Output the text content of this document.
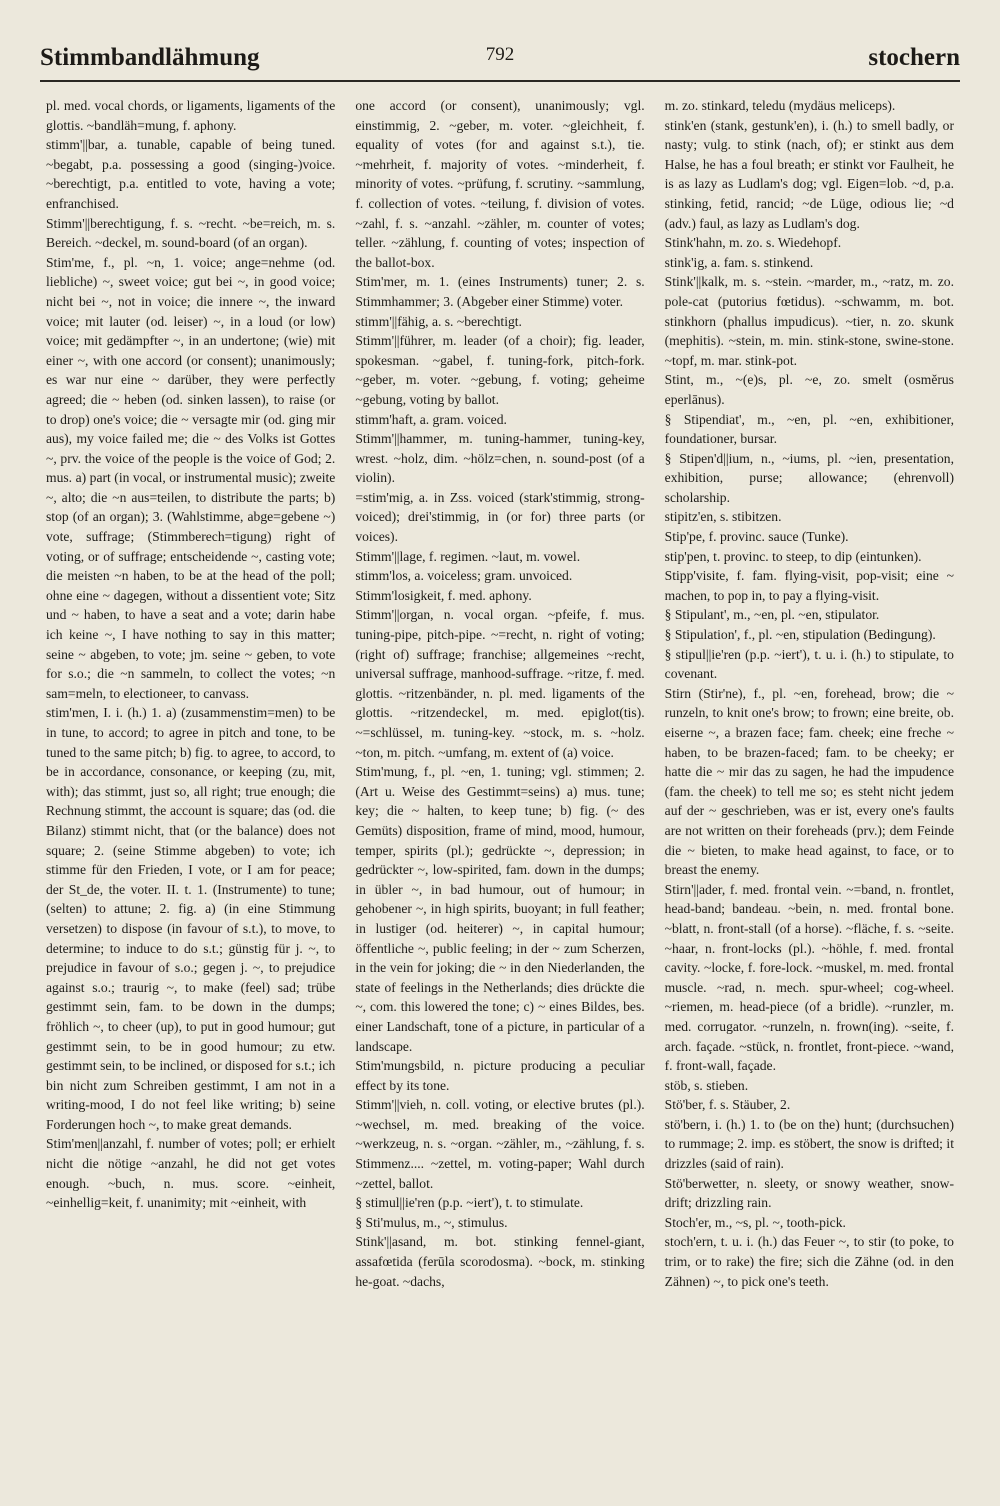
Stimmbandlähmung	792	stochern

pl. med. vocal chords, or ligaments, ligaments of the glottis. ~bandläh=mung, f. aphony.

stimm'||bar, a. tunable, capable of being tuned. ~begabt, p.a. possessing a good (singing-)voice. ~berechtigt, p.a. entitled to vote, having a vote; enfranchised.

Stimm'||berechtigung, f. s. ~recht. ~be=reich, m. s. Bereich. ~deckel, m. sound-board (of an organ).

Stim'me, f., pl. ~n, 1. voice; ange=nehme (od. liebliche) ~, sweet voice; gut bei ~, in good voice; nicht bei ~, not in voice; die innere ~, the inward voice; mit lauter (od. leiser) ~, in a loud (or low) voice; mit gedämpfter ~, in an undertone; (wie) mit einer ~, with one accord (or consent); unanimously; es war nur eine ~ darüber, they were perfectly agreed; die ~ heben (od. sinken lassen), to raise (or to drop) one's voice; die ~ versagte mir (od. ging mir aus), my voice failed me; die ~ des Volks ist Gottes ~, prv. the voice of the people is the voice of God; 2. mus. a) part (in vocal, or instrumental music); zweite ~, alto; die ~n aus=teilen, to distribute the parts; b) stop (of an organ); 3. (Wahlstimme, abge=gebene ~) vote, suffrage; (Stimmberech=tigung) right of voting, or of suffrage; entscheidende ~, casting vote; die meisten ~n haben, to be at the head of the poll; ohne eine ~ dagegen, without a dissentient vote; Sitz und ~ haben, to have a seat and a vote; darin habe ich keine ~, I have nothing to say in this matter; seine ~ abgeben, to vote; jm. seine ~ geben, to vote for s.o.; die ~n sammeln, to collect the votes; ~n sam=meln, to electioneer, to canvass.

stim'men, I. i. (h.) 1. a) (zusammenstim=men) to be in tune, to accord; to agree in pitch and tone, to be tuned to the same pitch; b) fig. to agree, to accord, to be in accordance, consonance, or keeping (zu, mit, with); das stimmt, just so, all right; true enough; die Rechnung stimmt, the account is square; das (od. die Bilanz) stimmt nicht, that (or the balance) does not square; 2. (seine Stimme abgeben) to vote; ich stimme für den Frieden, I vote, or I am for peace; der St_de, the voter. II. t. 1. (Instrumente) to tune; (selten) to attune; 2. fig. a) (in eine Stimmung versetzen) to dispose (in favour of s.t.), to move, to determine; to induce to do s.t.; günstig für j. ~, to prejudice in favour of s.o.; gegen j. ~, to prejudice against s.o.; traurig ~, to make (feel) sad; trübe gestimmt sein, fam. to be down in the dumps; fröhlich ~, to cheer (up), to put in good humour; gut gestimmt sein, to be in good humour; zu etw. gestimmt sein, to be inclined, or disposed for s.t.; ich bin nicht zum Schreiben gestimmt, I am not in a writing-mood, I do not feel like writing; b) seine Forderungen hoch ~, to make great demands.

Stim'men||anzahl, f. number of votes; poll; er erhielt nicht die nötige ~anzahl, he did not get votes enough. ~buch, n. mus. score. ~einheit, ~einhellig=keit, f. unanimity; mit ~einheit, with

one accord (or consent), unanimously; vgl. einstimmig, 2. ~geber, m. voter. ~gleichheit, f. equality of votes (for and against s.t.), tie. ~mehrheit, f. majority of votes. ~minderheit, f. minority of votes. ~prüfung, f. scrutiny. ~sammlung, f. collection of votes. ~teilung, f. division of votes. ~zahl, f. s. ~anzahl. ~zähler, m. counter of votes; teller. ~zählung, f. counting of votes; inspection of the ballot-box.

Stim'mer, m. 1. (eines Instruments) tuner; 2. s. Stimmhammer; 3. (Abgeber einer Stimme) voter.

stimm'||fähig, a. s. ~berechtigt.

Stimm'||führer, m. leader (of a choir); fig. leader, spokesman. ~gabel, f. tuning-fork, pitch-fork. ~geber, m. voter. ~gebung, f. voting; geheime ~gebung, voting by ballot.

stimm'haft, a. gram. voiced.

Stimm'||hammer, m. tuning-hammer, tuning-key, wrest. ~holz, dim. ~hölz=chen, n. sound-post (of a violin).

=stim'mig, a. in Zss. voiced (stark'stimmig, strong-voiced); drei'stimmig, in (or for) three parts (or voices).

Stimm'||lage, f. regimen. ~laut, m. vowel.

stimm'los, a. voiceless; gram. unvoiced.

Stimm'losigkeit, f. med. aphony.

Stimm'||organ, n. vocal organ. ~pfeife, f. mus. tuning-pipe, pitch-pipe. ~=recht, n. right of voting; (right of) suffrage; franchise; allgemeines ~recht, universal suffrage, manhood-suffrage. ~ritze, f. med. glottis. ~ritzenbänder, n. pl. med. ligaments of the glottis. ~ritzendeckel, m. med. epiglot(tis). ~=schlüssel, m. tuning-key. ~stock, m. s. ~holz. ~ton, m. pitch. ~umfang, m. extent of (a) voice.

Stim'mung, f., pl. ~en, 1. tuning; vgl. stimmen; 2. (Art u. Weise des Gestimmt=seins) a) mus. tune; key; die ~ halten, to keep tune; b) fig. (~ des Gemüts) disposition, frame of mind, mood, humour, temper, spirits (pl.); gedrückte ~, depression; in gedrückter ~, low-spirited, fam. down in the dumps; in übler ~, in bad humour, out of humour; in gehobener ~, in high spirits, buoyant; in full feather; in lustiger (od. heiterer) ~, in capital humour; öffentliche ~, public feeling; in der ~ zum Scherzen, in the vein for joking; die ~ in den Niederlanden, the state of feelings in the Netherlands; dies drückte die ~, com. this lowered the tone; c) ~ eines Bildes, bes. einer Landschaft, tone of a picture, in particular of a landscape.

Stim'mungsbild, n. picture producing a peculiar effect by its tone.

Stimm'||vieh, n. coll. voting, or elective brutes (pl.). ~wechsel, m. med. breaking of the voice. ~werkzeug, n. s. ~organ. ~zähler, m., ~zählung, f. s. Stimmenz.... ~zettel, m. voting-paper; Wahl durch ~zettel, ballot.

§ stimul||ie'ren (p.p. ~iert'), t. to stimulate.

§ Sti'mulus, m., ~, stimulus.

Stink'||asand, m. bot. stinking fennel-giant, assafœtida (ferūla scorodosma). ~bock, m. stinking he-goat. ~dachs,

m. zo. stinkard, teledu (mydäus meliceps).

stink'en (stank, gestunk'en), i. (h.) to smell badly, or nasty; vulg. to stink (nach, of); er stinkt aus dem Halse, he has a foul breath; er stinkt vor Faulheit, he is as lazy as Ludlam's dog; vgl. Eigen=lob. ~d, p.a. stinking, fetid, rancid; ~de Lüge, odious lie; ~d (adv.) faul, as lazy as Ludlam's dog.

Stink'hahn, m. zo. s. Wiedehopf.

stink'ig, a. fam. s. stinkend.

Stink'||kalk, m. s. ~stein. ~marder, m., ~ratz, m. zo. pole-cat (putorius fœtidus). ~schwamm, m. bot. stinkhorn (phallus impudicus). ~tier, n. zo. skunk (mephitis). ~stein, m. min. stink-stone, swine-stone. ~topf, m. mar. stink-pot.

Stint, m., ~(e)s, pl. ~e, zo. smelt (osmĕrus eperlānus).

§ Stipendiat', m., ~en, pl. ~en, exhibitioner, foundationer, bursar.

§ Stipen'd||ium, n., ~iums, pl. ~ien, presentation, exhibition, purse; allowance; (ehrenvoll) scholarship.

stipitz'en, s. stibitzen.

Stip'pe, f. provinc. sauce (Tunke).

stip'pen, t. provinc. to steep, to dip (eintunken).

Stipp'visite, f. fam. flying-visit, pop-visit; eine ~ machen, to pop in, to pay a flying-visit.

§ Stipulant', m., ~en, pl. ~en, stipulator.

§ Stipulation', f., pl. ~en, stipulation (Bedingung).

§ stipul||ie'ren (p.p. ~iert'), t. u. i. (h.) to stipulate, to covenant.

Stirn (Stir'ne), f., pl. ~en, forehead, brow; die ~ runzeln, to knit one's brow; to frown; eine breite, ob. eiserne ~, a brazen face; fam. cheek; eine freche ~ haben, to be brazen-faced; fam. to be cheeky; er hatte die ~ mir das zu sagen, he had the impudence (fam. the cheek) to tell me so; es steht nicht jedem auf der ~ geschrieben, was er ist, every one's faults are not written on their foreheads (prv.); dem Feinde die ~ bieten, to make head against, to face, or to breast the enemy.

Stirn'||ader, f. med. frontal vein. ~=band, n. frontlet, head-band; bandeau. ~bein, n. med. frontal bone. ~blatt, n. front-stall (of a horse). ~fläche, f. s. ~seite. ~haar, n. front-locks (pl.). ~höhle, f. med. frontal cavity. ~locke, f. fore-lock. ~muskel, m. med. frontal muscle. ~rad, n. mech. spur-wheel; cog-wheel. ~riemen, m. head-piece (of a bridle). ~runzler, m. med. corrugator. ~runzeln, n. frown(ing). ~seite, f. arch. façade. ~stück, n. frontlet, front-piece. ~wand, f. front-wall, façade.

stöb, s. stieben.

Stö'ber, f. s. Stäuber, 2.

stö'bern, i. (h.) 1. to (be on the) hunt; (durchsuchen) to rummage; 2. imp. es stöbert, the snow is drifted; it drizzles (said of rain).

Stö'berwetter, n. sleety, or snowy weather, snow-drift; drizzling rain.

Stoch'er, m., ~s, pl. ~, tooth-pick.

stoch'ern, t. u. i. (h.) das Feuer ~, to stir (to poke, to trim, or to rake) the fire; sich die Zähne (od. in den Zähnen) ~, to pick one's teeth.
